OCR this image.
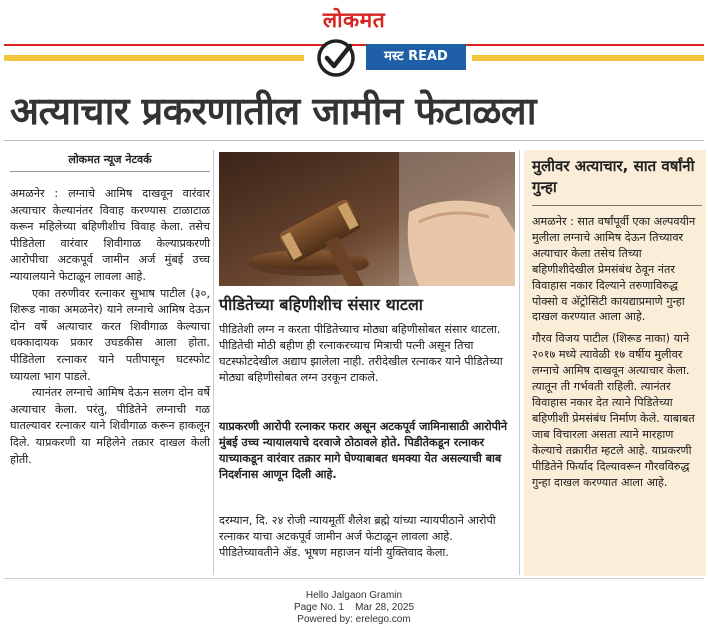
लोकमत
मस्ट READ
अत्याचार प्रकरणातील जामीन फेटाळला
लोकमत न्यूज नेटवर्क

अमळनेर : लग्नाचे आमिष दाखवून वारंवार अत्याचार केल्यानंतर विवाह करण्यास टाळाटाळ करून महिलेच्या बहिणीशीच विवाह केला. तसेच पीडितेला वारंवार शिवीगाळ केल्याप्रकरणी आरोपीचा अटकपूर्व जामीन अर्ज मुंबई उच्च न्यायालयाने फेटाळून लावला आहे.

एका तरुणीवर रत्नाकर सुभाष पाटील (३०, शिरूड नाका अमळनेर) याने लग्नाचे आमिष देऊन दोन वर्षे अत्याचार करत शिवीगाळ केल्याचा धक्कादायक प्रकार उघडकीस आला होता. पीडितेला रत्नाकर याने पतीपासून घटस्फोट घ्यायला भाग पाडले.

त्यानंतर लग्नाचे आमिष देऊन सलग दोन वर्षे अत्याचार केला. परंतु, पीडितेने लग्नाची गळ घातल्यावर रत्नाकर याने शिवीगाळ करून हाकलून दिले. याप्रकरणी या महिलेने तक्रार दाखल केली होती.

पीडितेच्या बहिणीशीच संसार थाटला

पीडितेशी लग्न न करता पीडितेच्याच मोठ्या बहिणीसोबत संसार थाटला. पीडितेची मोठी बहीण ही रत्नाकरच्याच मित्राची पत्नी असून तिचा घटस्फोटदेखील अद्याप झालेला नाही. तरीदेखील रत्नाकर याने पीडितेच्या मोठ्या बहिणीसोबत लग्न उरकून टाकले.

याप्रकरणी आरोपी रत्नाकर फरार असून अटकपूर्व जामिनासाठी आरोपीने मुंबई उच्च न्यायालयाचे दरवाजे ठोठावले होते. पिडीतेकडून रत्नाकर याच्याकडून वारंवार तक्रार मागे घेण्याबाबत धमक्या येत असल्याची बाब निदर्शनास आणून दिली आहे.

दरम्यान, दि. २४ रोजी न्यायमूर्ती शैलेश ब्रह्मे यांच्या न्यायपीठाने आरोपी रत्नाकर याचा अटकपूर्व जामीन अर्ज फेटाळून लावला आहे. पीडितेच्यावतीने ॲड. भूषण महाजन यांनी युक्तिवाद केला.

मुलीवर अत्याचार, सात वर्षांनी गुन्हा

अमळनेर : सात वर्षांपूर्वी एका अल्पवयीन मुलीला लग्नाचे आमिष देऊन तिच्यावर अत्याचार केला तसेच तिच्या बहिणीशीदेखील प्रेमसंबंध ठेवून नंतर विवाहास नकार दिल्याने तरुणाविरुद्ध पोक्सो व अ‍ॅट्रोसिटी कायद्याप्रमाणे गुन्हा दाखल करण्यात आला आहे.

गौरव विजय पाटील (शिरूड नाका) याने २०१७ मध्ये त्यावेळी १७ वर्षीय मुलीवर लग्नाचे आमिष दाखवून अत्याचार केला. त्यातून ती गर्भवती राहिली. त्यानंतर विवाहास नकार देत त्याने पिडितेच्या बहिणीशी प्रेमसंबंध निर्माण केले. याबाबत जाब विचारला असता त्याने मारहाण केल्याचे तक्रारीत म्हटले आहे. याप्रकरणी पीडितेने फिर्याद दिल्यावरून गौरवविरुद्ध गुन्हा दाखल करण्यात आला आहे.

Hello Jalgaon Gramin
Page No. 1    Mar 28, 2025
Powered by: erelego.com
